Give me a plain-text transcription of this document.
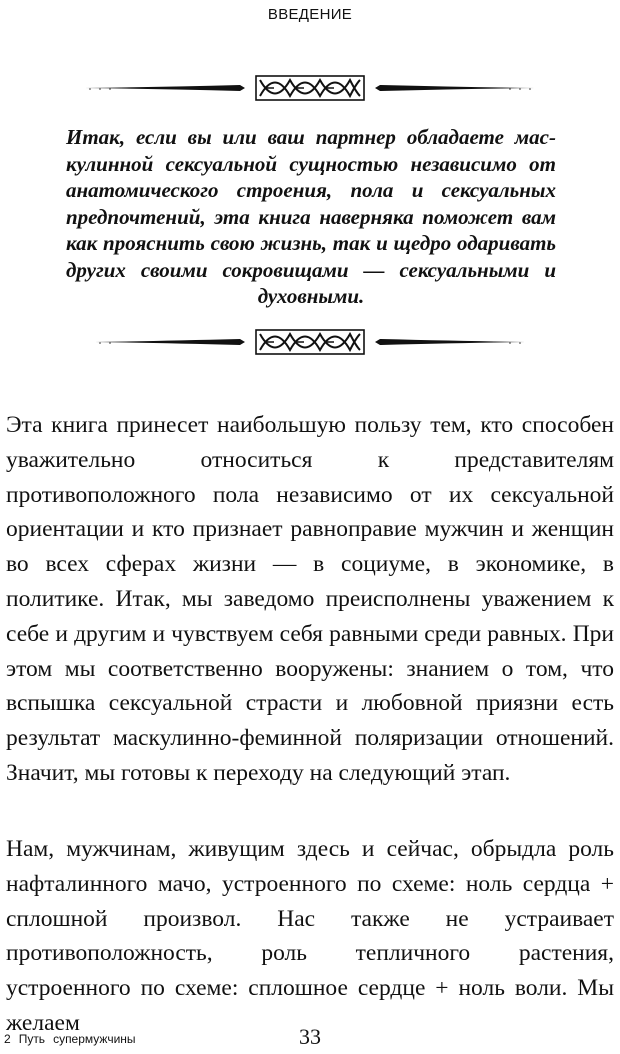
ВВЕДЕНИЕ

Итак, если вы или ваш партнер обладаете маскулинной сексуальной сущностью независимо от анатомического строения, пола и сексуальных предпочтений, эта книга наверняка поможет вам как прояснить свою жизнь, так и щедро одаривать других своими сокровищами — сексуальными и духовными.

Эта книга принесет наибольшую пользу тем, кто способен уважительно относиться к представителям противоположного пола независимо от их сексуальной ориентации и кто признает равноправие мужчин и женщин во всех сферах жизни — в социуме, в экономике, в политике. Итак, мы заведомо преисполнены уважением к себе и другим и чувствуем себя равными среди равных. При этом мы соответственно вооружены: знанием о том, что вспышка сексуальной страсти и любовной приязни есть результат маскулинно-феминной поляризации отношений. Значит, мы готовы к переходу на следующий этап.

Нам, мужчинам, живущим здесь и сейчас, обрыдла роль нафталинного мачо, устроенного по схеме: ноль сердца + сплошной произвол. Нас также не устраивает противоположность, роль тепличного растения, устроенного по схеме: сплошное сердце + ноль воли. Мы желаем

2 Путь супермужчины	33
